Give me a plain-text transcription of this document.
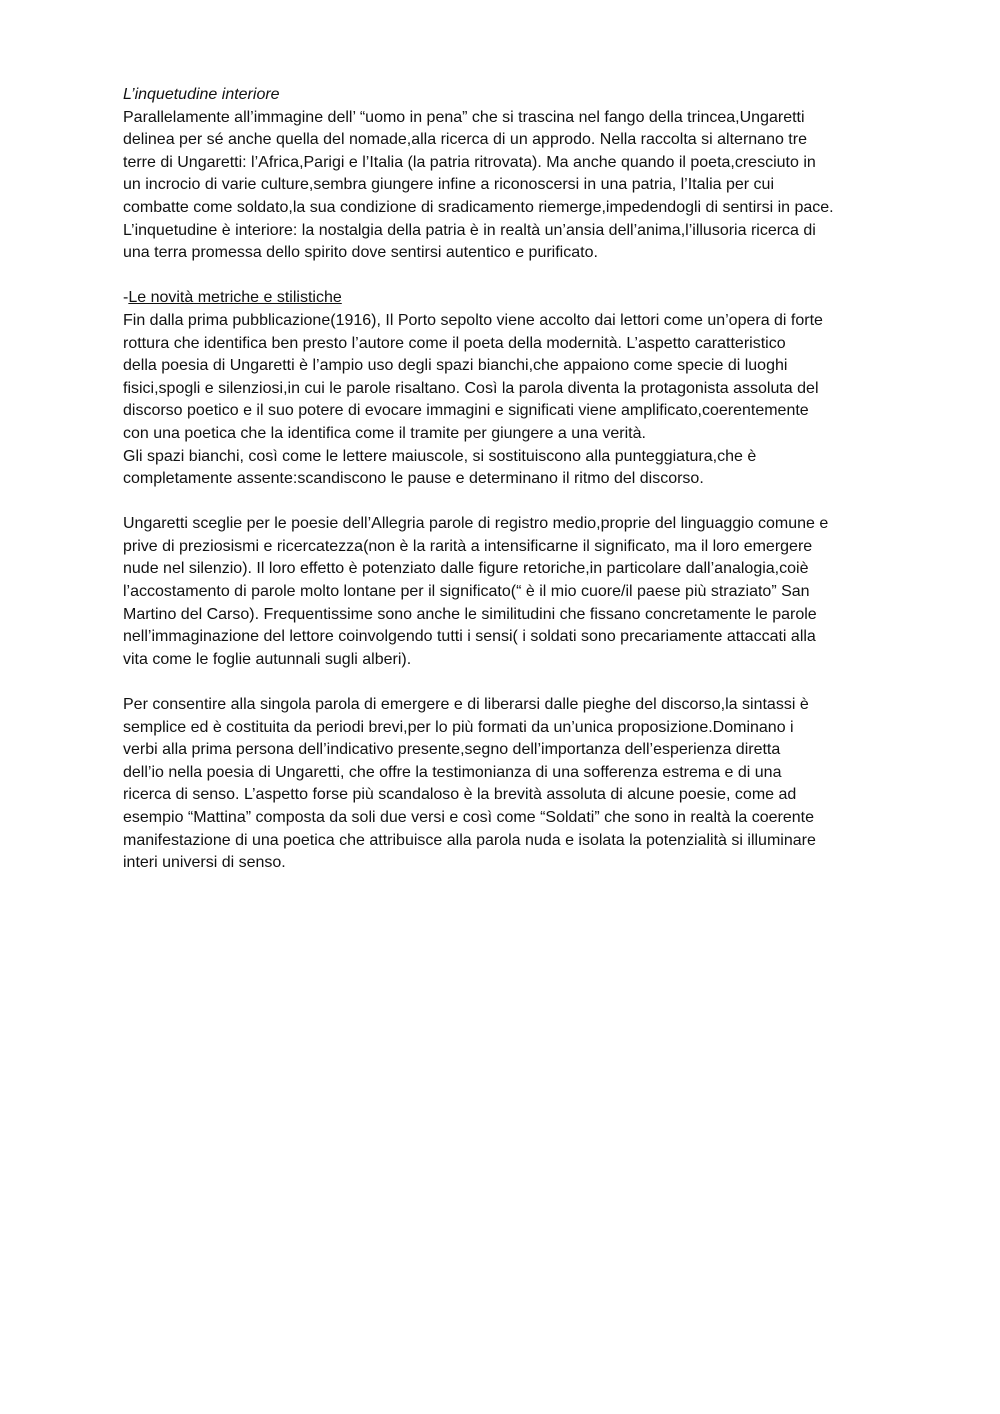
L’inquetudine interiore
Parallelamente all’immagine dell’ “uomo in pena” che si trascina nel fango della trincea,Ungaretti
delinea per sé anche quella del nomade,alla ricerca di un approdo. Nella raccolta si alternano tre
terre di Ungaretti: l’Africa,Parigi e l’Italia (la patria ritrovata). Ma anche quando il poeta,cresciuto in
un incrocio di varie culture,sembra giungere infine a riconoscersi in una patria, l’Italia per cui
combatte come soldato,la sua condizione di sradicamento riemerge,impedendogli di sentirsi in pace.
L’inquetudine è interiore: la nostalgia della patria è in realtà un’ansia dell’anima,l’illusoria ricerca di
una terra promessa dello spirito dove sentirsi autentico e purificato.
-Le novità metriche e stilistiche
Fin dalla prima pubblicazione(1916), Il Porto sepolto viene accolto dai lettori come un’opera di forte
rottura che identifica ben presto l’autore come il poeta della modernità. L’aspetto caratteristico
della poesia di Ungaretti è l’ampio uso degli spazi bianchi,che appaiono come specie di luoghi
fisici,spogli e silenziosi,in cui le parole risaltano. Così la parola diventa la protagonista assoluta del
discorso poetico e il suo potere di evocare immagini e significati viene amplificato,coerentemente
con una poetica che la identifica come il tramite per giungere a una verità.
Gli spazi bianchi, così come le lettere maiuscole, si sostituiscono alla punteggiatura,che è
completamente assente:scandiscono le pause e determinano il ritmo del discorso.
Ungaretti sceglie per le poesie dell’Allegria parole di registro medio,proprie del linguaggio comune e
prive di preziosismi e ricercatezza(non è la rarità a intensificarne il significato, ma il loro emergere
nude nel silenzio). Il loro effetto è potenziato dalle figure retoriche,in particolare dall’analogia,coiè
l’accostamento di parole molto lontane per il significato(“ è il mio cuore/il paese più straziato” San
Martino del Carso). Frequentissime sono anche le similitudini che fissano concretamente le parole
nell’immaginazione del lettore coinvolgendo tutti i sensi( i soldati sono precariamente attaccati alla
vita come le foglie autunnali sugli alberi).
Per consentire alla singola parola di emergere e di liberarsi dalle pieghe del discorso,la sintassi è
semplice ed è costituita da periodi brevi,per lo più formati da un’unica proposizione.Dominano i
verbi alla prima persona dell’indicativo presente,segno dell’importanza dell’esperienza diretta
dell’io nella poesia di Ungaretti, che offre la testimonianza di una sofferenza estrema e di una
ricerca di senso. L’aspetto forse più scandaloso è la brevità assoluta di alcune poesie, come ad
esempio “Mattina” composta da soli due versi e così come “Soldati” che sono in realtà la coerente
manifestazione di una poetica che attribuisce alla parola nuda e isolata la potenzialità si illuminare
interi universi di senso.
